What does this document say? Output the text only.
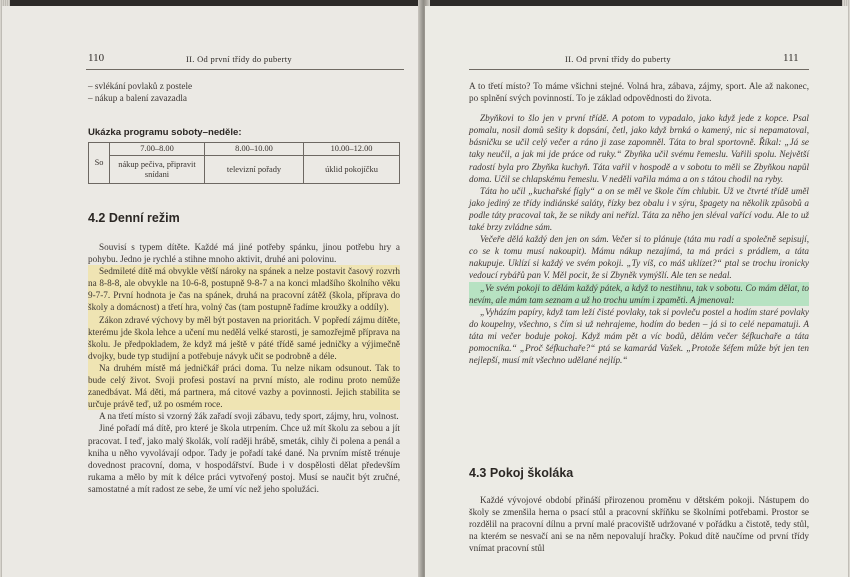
110	II. Od první třídy do puberty
– svlékání povlaků z postele
– nákup a balení zavazadla
Ukázka programu soboty–neděle:
So	7.00–8.00	8.00–10.00	10.00–12.00
	nákup pečiva, připravit snídani	televizní pořady	úklid pokojíčku
4.2 Denní režim

Souvisí s typem dítěte. Každé má jiné potřeby spánku, jinou potřebu hry a pohybu. Jedno je rychlé a stihne mnoho aktivit, druhé ani polovinu.

Sedmileté dítě má obvykle větší nároky na spánek a nelze postavit časový rozvrh na 8-8-8, ale obvykle na 10-6-8, postupně 9-8-7 a na konci mladšího školního věku 9-7-7. První hodnota je čas na spánek, druhá na pracovní zátěž (škola, příprava do školy a domácnost) a třetí hra, volný čas (tam postupně řadíme kroužky a oddíly).

Zákon zdravé výchovy by měl být postaven na prioritách. V popředí zájmu dítěte, kterému jde škola lehce a učení mu nedělá velké starosti, je samozřejmě příprava na školu. Je předpokladem, že když má ještě v páté třídě samé jedničky a výjimečně dvojky, bude typ studijní a potřebuje návyk učit se podrobně a déle.

Na druhém místě má jedničkář práci doma. Tu nelze nikam odsunout. Tak to bude celý život. Svoji profesi postaví na první místo, ale rodinu proto nemůže zanedbávat. Má děti, má partnera, má citové vazby a povinnosti. Jejich stabilita se určuje právě teď, už po osmém roce.

A na třetí místo si vzorný žák zařadí svoji zábavu, tedy sport, zájmy, hru, volnost.

Jiné pořadí má dítě, pro které je škola utrpením. Chce už mít školu za sebou a jít pracovat. I teď, jako malý školák, volí raději hrábě, smeták, cihly či polena a penál a kniha u něho vyvolávají odpor. Tady je pořadí také dané. Na prvním místě trénuje dovednost pracovní, doma, v hospodářství. Bude i v dospělosti dělat především rukama a mělo by mít k délce práci vytvořený postoj. Musí se naučit být zručné, samostatné a mít radost ze sebe, že umí víc než jeho spolužáci.

II. Od první třídy do puberty	111

A to třetí místo? To máme všichni stejné. Volná hra, zábava, zájmy, sport. Ale až nakonec, po splnění svých povinností. To je základ odpovědnosti do života.

Zbyňkovi to šlo jen v první třídě. A potom to vypadalo, jako když jede z kopce. Psal pomalu, nosil domů sešity k dopsání, četl, jako když brnká o kamený, nic si nepamatoval, básničku se učil celý večer a ráno ji zase zapomněl. Táta to bral sportovně. Říkal: „Já se taky neučil, a jak mi jde práce od ruky.“ Zbyňka učil svému řemeslu. Vařili spolu. Největší radostí byla pro Zbyňka kuchyň. Táta vařil v hospodě a v sobotu to měli se Zbyňkou napůl doma. Učil se chlapskému řemeslu. V neděli vařila máma a on s tátou chodil na ryby.

Táta ho učil „kuchařské fígly“ a on se měl ve škole čím chlubit. Už ve čtvrté třídě uměl jako jediný ze třídy indiánské saláty, řízky bez obalu i v sýru, špagety na několik způsobů a podle táty pracoval tak, že se nikdy ani neřízl. Táta za něho jen sléval vařící vodu. Ale to už také brzy zvládne sám.

Večeře dělá každý den jen on sám. Večer si to plánuje (táta mu radí a společně sepisují, co se k tomu musí nakoupit). Mámu nákup nezajímá, ta má práci s prádlem, a táta nakupuje. Uklízí si každý ve svém pokoji. „Ty víš, co máš uklízet?“ ptal se trochu ironicky vedoucí rybářů pan V. Měl pocit, že si Zbyněk vymýšlí. Ale ten se nedal.

„Ve svém pokoji to dělám každý pátek, a když to nestihnu, tak v sobotu. Co mám dělat, to nevím, ale mám tam seznam a už ho trochu umím i zpaměti. A jmenoval:

„Vyházím papíry, když tam leží čisté povlaky, tak si povleču postel a hodím staré povlaky do koupelny, všechno, s čím si už nehrajeme, hodím do beden – já si to celé nepamatuji. A táta mi večer boduje pokoj. Když mám pět a víc bodů, dělám večer šéfkuchaře a táta pomocníka.“ „Proč šéfkuchaře?“ ptá se kamarád Vašek. „Protože šéfem může být jen ten nejlepší, musí mít všechno udělané nejlíp.“

4.3 Pokoj školáka

Každé vývojové období přináší přirozenou proměnu v dětském pokoji. Nástupem do školy se zmenšila herna o psací stůl a pracovní skříňku se školními potřebami. Prostor se rozdělil na pracovní dílnu a první malé pracoviště udržované v pořádku a čistotě, tedy stůl, na kterém se nesvačí ani se na něm nepovalují hračky. Pokud dítě naučíme od první třídy vnímat pracovní stůl
